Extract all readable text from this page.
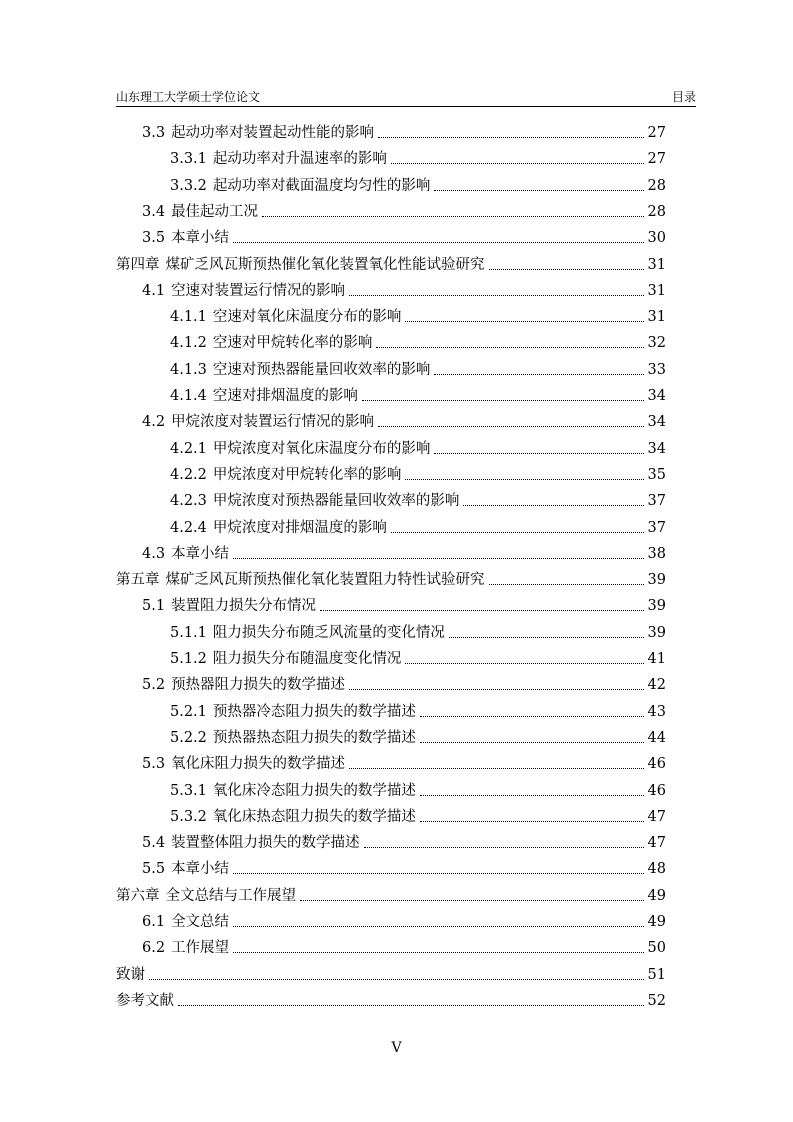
山东理工大学硕士学位论文	目录
3.3 起动功率对装置起动性能的影响	27
3.3.1 起动功率对升温速率的影响	27
3.3.2 起动功率对截面温度均匀性的影响	28
3.4 最佳起动工况	28
3.5 本章小结	30
第四章 煤矿乏风瓦斯预热催化氧化装置氧化性能试验研究	31
4.1 空速对装置运行情况的影响	31
4.1.1 空速对氧化床温度分布的影响	31
4.1.2 空速对甲烷转化率的影响	32
4.1.3 空速对预热器能量回收效率的影响	33
4.1.4 空速对排烟温度的影响	34
4.2 甲烷浓度对装置运行情况的影响	34
4.2.1 甲烷浓度对氧化床温度分布的影响	34
4.2.2 甲烷浓度对甲烷转化率的影响	35
4.2.3 甲烷浓度对预热器能量回收效率的影响	37
4.2.4 甲烷浓度对排烟温度的影响	37
4.3 本章小结	38
第五章 煤矿乏风瓦斯预热催化氧化装置阻力特性试验研究	39
5.1 装置阻力损失分布情况	39
5.1.1 阻力损失分布随乏风流量的变化情况	39
5.1.2 阻力损失分布随温度变化情况	41
5.2 预热器阻力损失的数学描述	42
5.2.1 预热器冷态阻力损失的数学描述	43
5.2.2 预热器热态阻力损失的数学描述	44
5.3 氧化床阻力损失的数学描述	46
5.3.1 氧化床冷态阻力损失的数学描述	46
5.3.2 氧化床热态阻力损失的数学描述	47
5.4 装置整体阻力损失的数学描述	47
5.5 本章小结	48
第六章 全文总结与工作展望	49
6.1 全文总结	49
6.2 工作展望	50
致谢	51
参考文献	52
V
